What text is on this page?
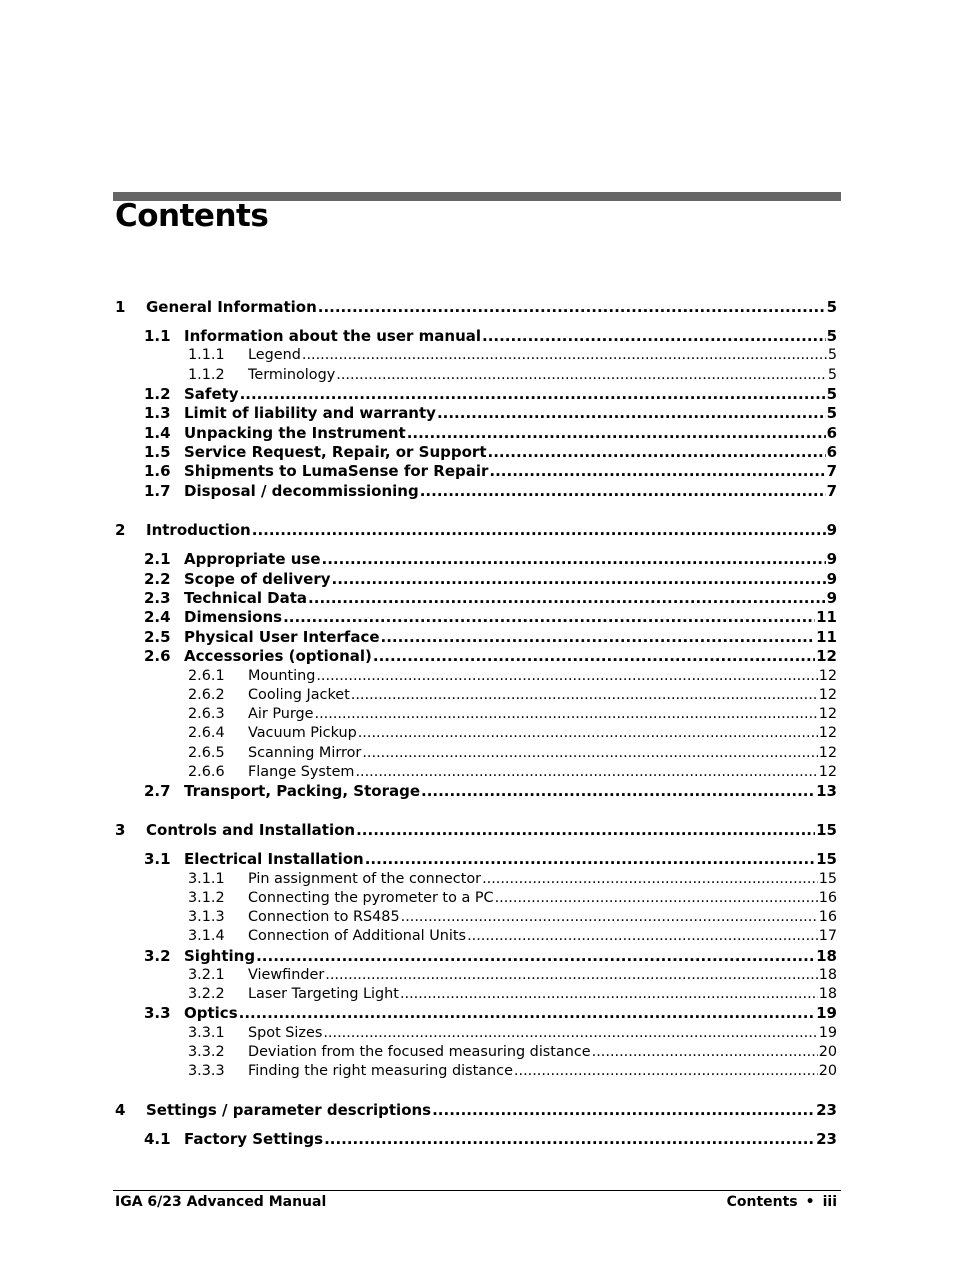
Contents
1	General Information .....	5
1.1 Information about the user manual .....	5
1.1.1	Legend .....	5
1.1.2	Terminology .....	5
1.2 Safety .....	5
1.3 Limit of liability and warranty .....	5
1.4 Unpacking the Instrument .....	6
1.5 Service Request, Repair, or Support .....	6
1.6 Shipments to LumaSense for Repair .....	7
1.7 Disposal / decommissioning .....	7
2	Introduction .....	9
2.1 Appropriate use .....	9
2.2 Scope of delivery .....	9
2.3 Technical Data .....	9
2.4 Dimensions .....	11
2.5 Physical User Interface .....	11
2.6 Accessories (optional) .....	12
2.6.1	Mounting .....	12
2.6.2	Cooling Jacket .....	12
2.6.3	Air Purge .....	12
2.6.4	Vacuum Pickup .....	12
2.6.5	Scanning Mirror .....	12
2.6.6	Flange System .....	12
2.7 Transport, Packing, Storage .....	13
3	Controls and Installation .....	15
3.1 Electrical Installation .....	15
3.1.1	Pin assignment of the connector .....	15
3.1.2	Connecting the pyrometer to a PC .....	16
3.1.3	Connection to RS485 .....	16
3.1.4	Connection of Additional Units .....	17
3.2 Sighting .....	18
3.2.1	Viewfinder .....	18
3.2.2	Laser Targeting Light .....	18
3.3 Optics .....	19
3.3.1	Spot Sizes .....	19
3.3.2	Deviation from the focused measuring distance .....	20
3.3.3	Finding the right measuring distance .....	20
4	Settings / parameter descriptions .....	23
4.1 Factory Settings .....	23
IGA 6/23 Advanced Manual	Contents • iii
